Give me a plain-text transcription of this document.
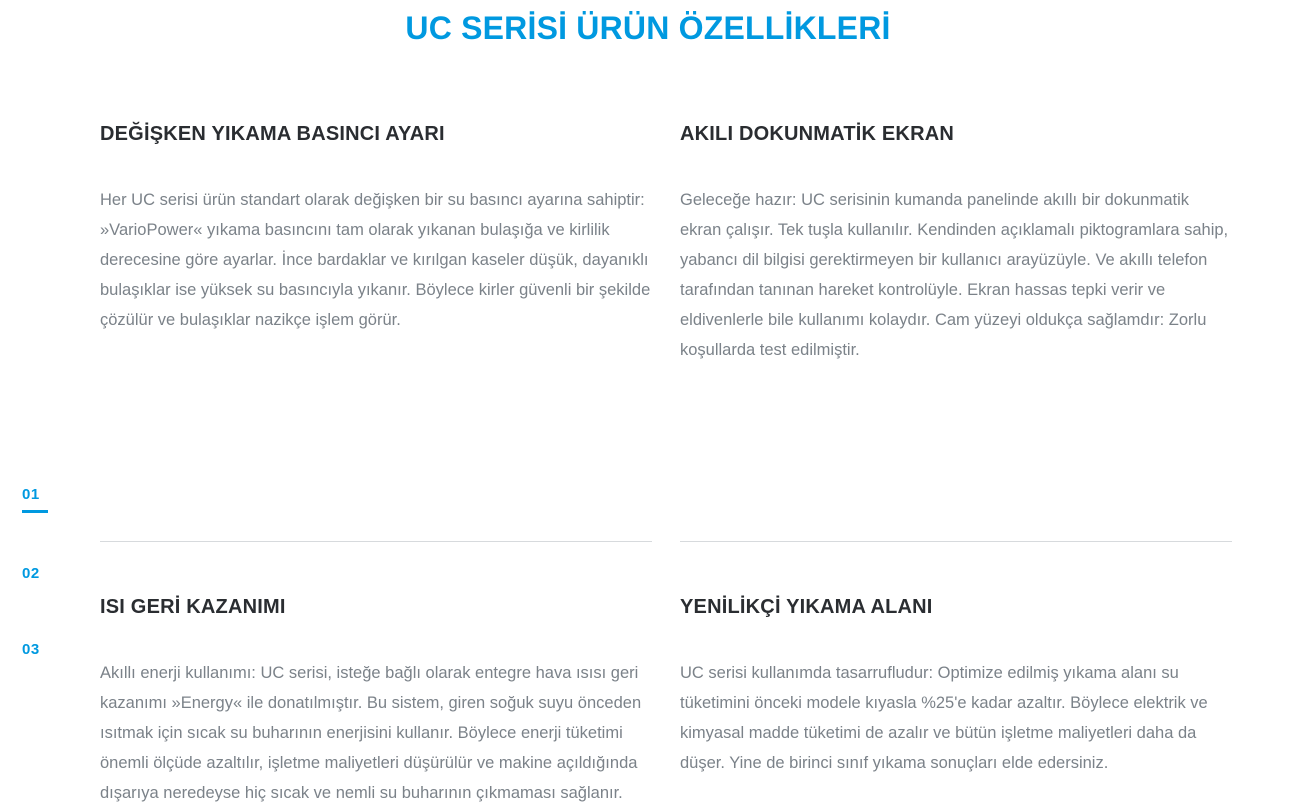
UC SERİSİ ÜRÜN ÖZELLİKLERİ
01
02
03
DEĞİŞKEN YIKAMA BASINCI AYARI

Her UC serisi ürün standart olarak değişken bir su basıncı ayarına sahiptir: »VarioPower« yıkama basıncını tam olarak yıkanan bulaşığa ve kirlilik derecesine göre ayarlar. İnce bardaklar ve kırılgan kaseler düşük, dayanıklı bulaşıklar ise yüksek su basıncıyla yıkanır. Böylece kirler güvenli bir şekilde çözülür ve bulaşıklar nazikçe işlem görür.

AKILI DOKUNMATİK EKRAN

Geleceğe hazır: UC serisinin kumanda panelinde akıllı bir dokunmatik ekran çalışır. Tek tuşla kullanılır. Kendinden açıklamalı piktogramlara sahip, yabancı dil bilgisi gerektirmeyen bir kullanıcı arayüzüyle. Ve akıllı telefon tarafından tanınan hareket kontrolüyle. Ekran hassas tepki verir ve eldivenlerle bile kullanımı kolaydır. Cam yüzeyi oldukça sağlamdır: Zorlu koşullarda test edilmiştir.

ISI GERİ KAZANIMI

Akıllı enerji kullanımı: UC serisi, isteğe bağlı olarak entegre hava ısısı geri kazanımı »Energy« ile donatılmıştır. Bu sistem, giren soğuk suyu önceden ısıtmak için sıcak su buharının enerjisini kullanır. Böylece enerji tüketimi önemli ölçüde azaltılır, işletme maliyetleri düşürülür ve makine açıldığında dışarıya neredeyse hiç sıcak ve nemli su buharının çıkmaması sağlanır.

YENİLİKÇİ YIKAMA ALANI

UC serisi kullanımda tasarrufludur: Optimize edilmiş yıkama alanı su tüketimini önceki modele kıyasla %25'e kadar azaltır. Böylece elektrik ve kimyasal madde tüketimi de azalır ve bütün işletme maliyetleri daha da düşer. Yine de birinci sınıf yıkama sonuçları elde edersiniz.
